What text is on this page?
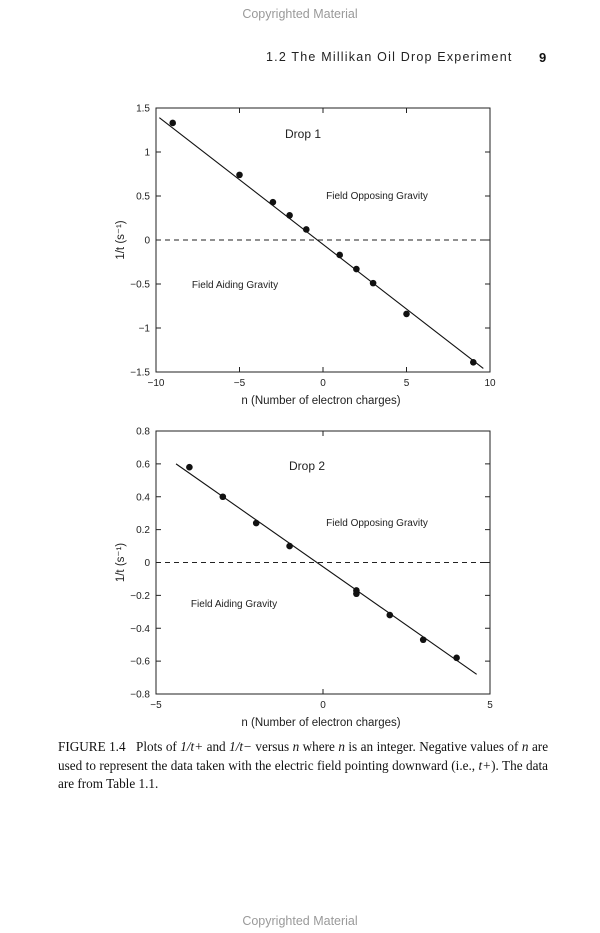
Copyrighted Material
1.2 The Millikan Oil Drop Experiment 9
−10	−5	0	5	10
−1.5
−1
−0.5
0
0.5
1
1.5
Drop 1
Field Opposing Gravity
Field Aiding Gravity
n (Number of electron charges)
1/t (s⁻¹)
−5	0	5
−0.8
−0.6
−0.4
−0.2
0
0.2
0.4
0.6
0.8
Drop 2
Field Opposing Gravity
Field Aiding Gravity
n (Number of electron charges)
1/t (s⁻¹)
FIGURE 1.4 Plots of 1/t+ and 1/t− versus n where n is an integer. Negative values of n are used to represent the data taken with the electric field pointing downward (i.e., t+). The data are from Table 1.1.
Copyrighted Material
